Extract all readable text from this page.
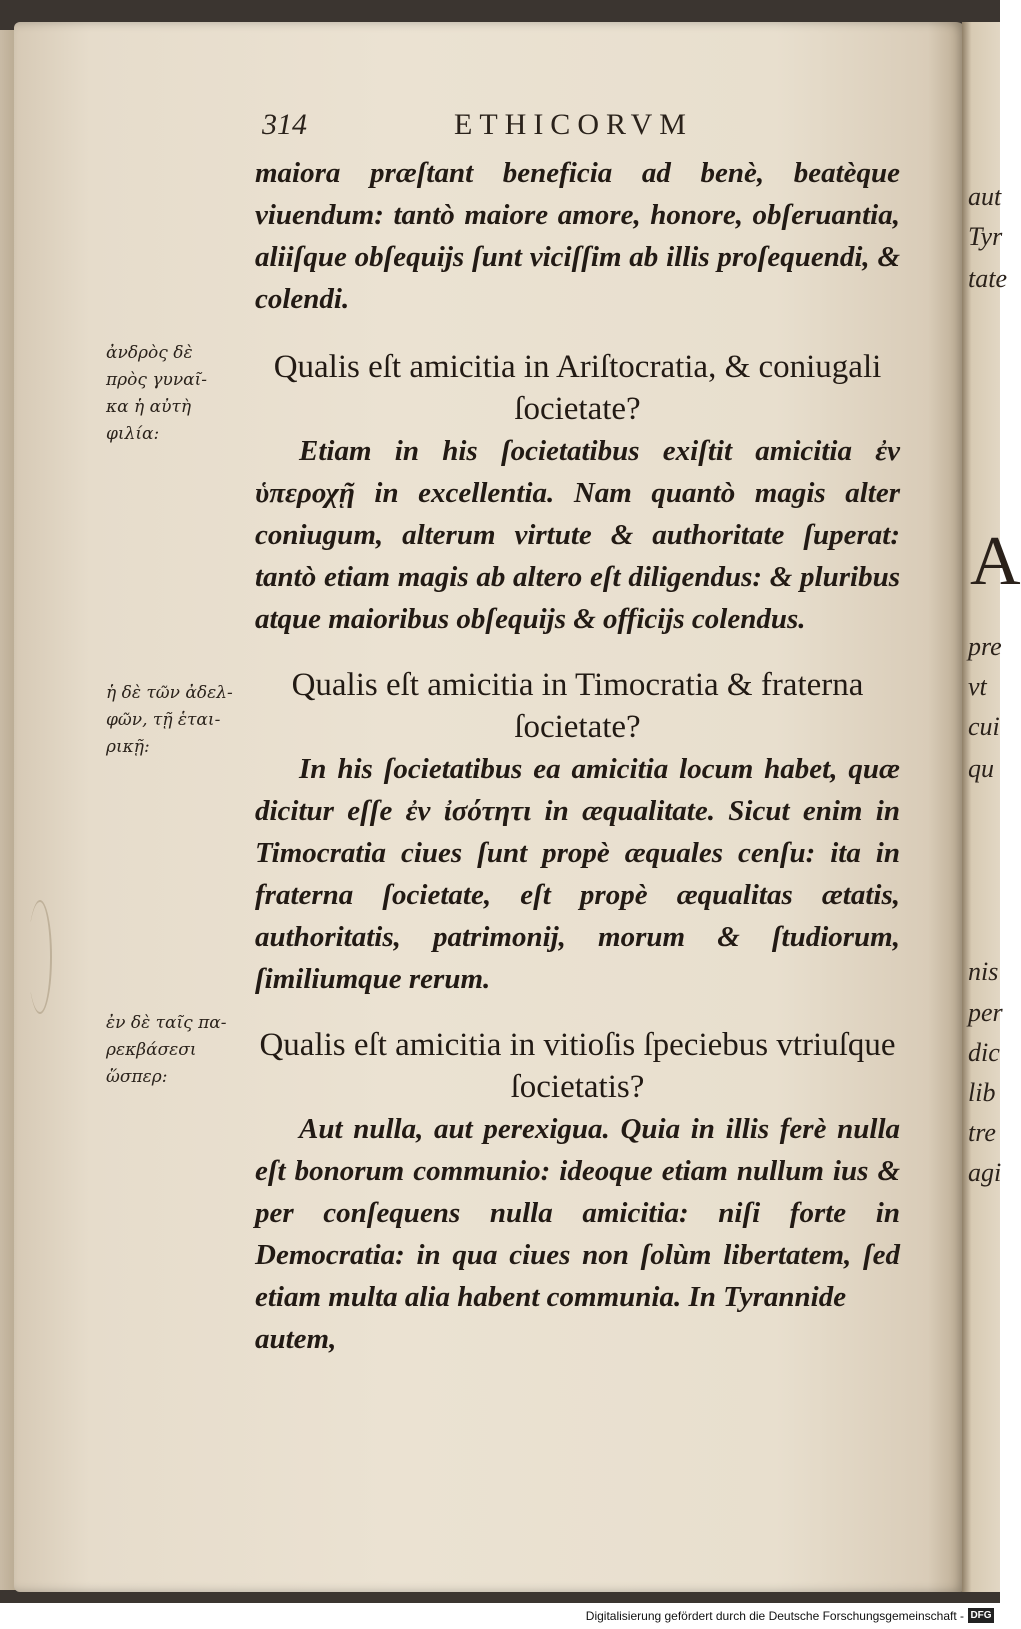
aut
Tyr
tate
A
pre
vt
cui
qu
nis
per
dic
lib
tre
agi
314	ETHICORVM
ἀνδρὸς δὲ
πρὸς γυναῖ-
κα ἡ αὐτὴ
φιλία:
ἡ δὲ τῶν ἀδελ-
φῶν, τῇ ἑται-
ρικῇ:
ἐν δὲ ταῖς πα-
ρεκβάσεσι
ὥσπερ:

maiora præſtant beneficia ad benè, beatèque viuendum: tantò maiore amore, honore, obſeruantia, aliiſque obſequijs ſunt viciſſim ab illis proſequendi, & colendi.

Qualis eſt amicitia in Ariſtocratia, & coniugali ſocietate?

Etiam in his ſocietatibus exiſtit amicitia ἐν ὑπεροχῇ in excellentia. Nam quantò magis alter coniugum, alterum virtute & authoritate ſuperat: tantò etiam magis ab altero eſt diligendus: & pluribus atque maioribus obſequijs & officijs colendus.

Qualis eſt amicitia in Timocratia & fraterna ſocietate?

In his ſocietatibus ea amicitia locum habet, quæ dicitur eſſe ἐν ἰσότητι in æqualitate. Sicut enim in Timocratia ciues ſunt propè æquales cenſu: ita in fraterna ſocietate, eſt propè æqualitas ætatis, authoritatis, patrimonij, morum & ſtudiorum, ſimiliumque rerum.

Qualis eſt amicitia in vitioſis ſpeciebus vtriuſque ſocietatis?

Aut nulla, aut perexigua. Quia in illis ferè nulla eſt bonorum communio: ideoque etiam nullum ius & per conſequens nulla amicitia: niſi forte in Democratia: in qua ciues non ſolùm libertatem, ſed etiam multa alia habent communia. In Tyrannide

autem,

Digitalisierung gefördert durch die Deutsche Forschungsgemeinschaft - DFG
